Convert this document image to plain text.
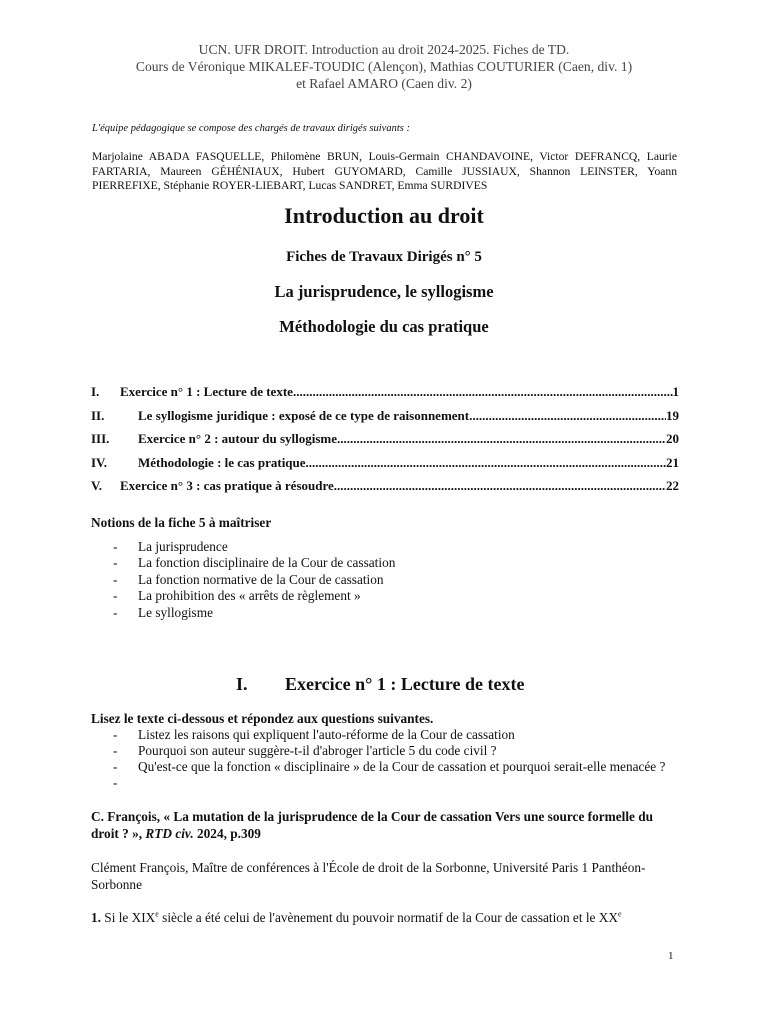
UCN. UFR DROIT. Introduction au droit 2024-2025. Fiches de TD.
Cours de Véronique MIKALEF-TOUDIC (Alençon), Mathias COUTURIER (Caen, div. 1)
et Rafael AMARO (Caen div. 2)
L'équipe pédagogique se compose des chargés de travaux dirigés suivants :
Marjolaine ABADA FASQUELLE, Philomène BRUN, Louis-Germain CHANDAVOINE, Victor DEFRANCQ, Laurie FARTARIA, Maureen GÉHÉNIAUX, Hubert GUYOMARD, Camille JUSSIAUX, Shannon LEINSTER, Yoann PIERREFIXE, Stéphanie ROYER-LIEBART, Lucas SANDRET, Emma SURDIVES
Introduction au droit
Fiches de Travaux Dirigés n° 5
La jurisprudence, le syllogisme
Méthodologie du cas pratique
I.	Exercice n° 1 : Lecture de texte .....	1
II.	Le syllogisme juridique : exposé de ce type de raisonnement .....	19
III.	Exercice n° 2 : autour du syllogisme .....	20
IV.	Méthodologie : le cas pratique .....	21
V.	Exercice n° 3 : cas pratique à résoudre .....	22
Notions de la fiche 5 à maîtriser
-	La jurisprudence
-	La fonction disciplinaire de la Cour de cassation
-	La fonction normative de la Cour de cassation
-	La prohibition des « arrêts de règlement »
-	Le syllogisme
I. Exercice n° 1 : Lecture de texte
Lisez le texte ci-dessous et répondez aux questions suivantes.
-	Listez les raisons qui expliquent l'auto-réforme de la Cour de cassation
-	Pourquoi son auteur suggère-t-il d'abroger l'article 5 du code civil ?
-	Qu'est-ce que la fonction « disciplinaire » de la Cour de cassation et pourquoi serait-elle menacée ?
-
C. François, « La mutation de la jurisprudence de la Cour de cassation Vers une source formelle du droit ? », RTD civ. 2024, p.309
Clément François, Maître de conférences à l'École de droit de la Sorbonne, Université Paris 1 Panthéon-Sorbonne
1. Si le XIXe siècle a été celui de l'avènement du pouvoir normatif de la Cour de cassation et le XXe
1
